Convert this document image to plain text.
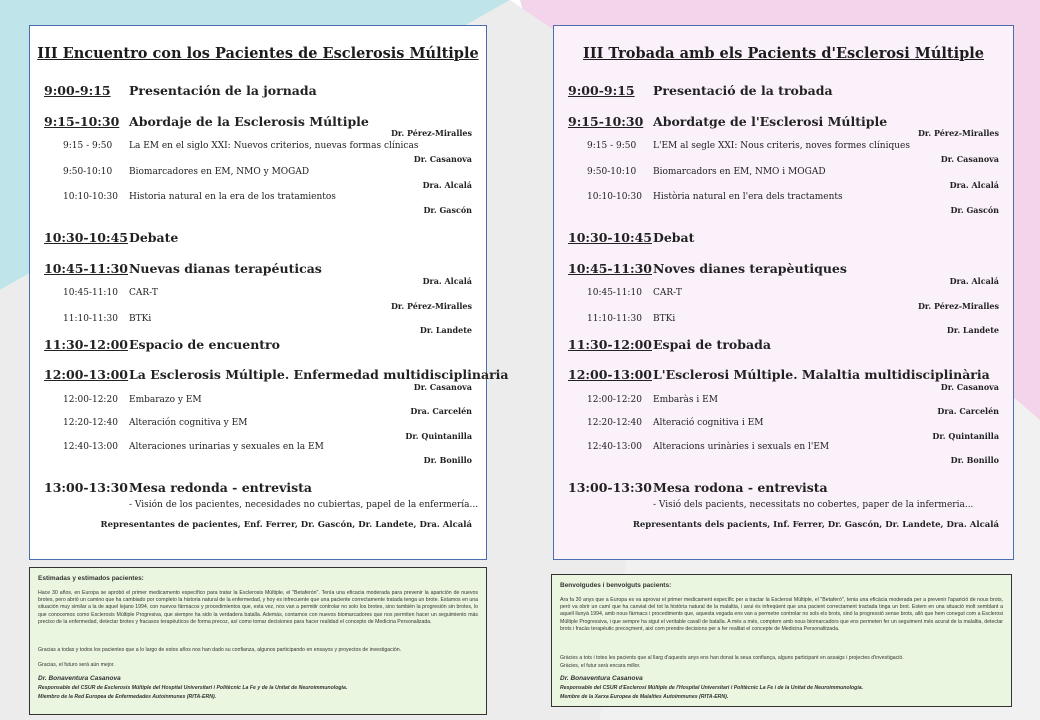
III Encuentro con los Pacientes de Esclerosis Múltiple
9:00-9:15 Presentación de la jornada
9:15-10:30 Abordaje de la Esclerosis Múltiple
Dr. Pérez-Miralles
9:15 - 9:50 La EM en el siglo XXI: Nuevos criterios, nuevas formas clínicas
Dr. Casanova
9:50-10:10 Biomarcadores en EM, NMO y MOGAD
Dra. Alcalá
10:10-10:30 Historia natural en la era de los tratamientos
Dr. Gascón
10:30-10:45 Debate
10:45-11:30 Nuevas dianas terapéuticas
Dra. Alcalá
10:45-11:10 CAR-T
Dr. Pérez-Miralles
11:10-11:30 BTKi
Dr. Landete
11:30-12:00 Espacio de encuentro
12:00-13:00 La Esclerosis Múltiple. Enfermedad multidisciplinaria
Dr. Casanova
12:00-12:20 Embarazo y EM
Dra. Carcelén
12:20-12:40 Alteración cognitiva y EM
Dr. Quintanilla
12:40-13:00 Alteraciones urinarias y sexuales en la EM
Dr. Bonillo
13:00-13:30 Mesa redonda - entrevista
- Visión de los pacientes, necesidades no cubiertas, papel de la enfermería...
Representantes de pacientes, Enf. Ferrer, Dr. Gascón, Dr. Landete, Dra. Alcalá
III Trobada amb els Pacients d'Esclerosi Múltiple
9:00-9:15 Presentació de la trobada
9:15-10:30 Abordatge de l'Esclerosi Múltiple
Dr. Pérez-Miralles
9:15 - 9:50 L'EM al segle XXI: Nous criteris, noves formes clíniques
Dr. Casanova
9:50-10:10 Biomarcadors en EM, NMO i MOGAD
Dra. Alcalá
10:10-10:30 Història natural en l'era dels tractaments
Dr. Gascón
10:30-10:45 Debat
10:45-11:30 Noves dianes terapèutiques
Dra. Alcalá
10:45-11:10 CAR-T
Dr. Pérez-Miralles
11:10-11:30 BTKi
Dr. Landete
11:30-12:00 Espai de trobada
12:00-13:00 L'Esclerosi Múltiple. Malaltia multidisciplinària
Dr. Casanova
12:00-12:20 Embaràs i EM
Dra. Carcelén
12:20-12:40 Alteració cognitiva i EM
Dr. Quintanilla
12:40-13:00 Alteracions urinàries i sexuals en l'EM
Dr. Bonillo
13:00-13:30 Mesa rodona - entrevista
- Visió dels pacients, necessitats no cobertes, paper de la infermeria...
Representants dels pacients, Inf. Ferrer, Dr. Gascón, Dr. Landete, Dra. Alcalá
Estimadas y estimados pacientes:
Hace 30 años, en Europa se aprobó el primer medicamento específico para tratar la Esclerosis Múltiple, el "Betaferón". Tenía una eficacia moderada para prevenir la aparición de nuevos brotes, pero abrió un camino que ha cambiado por completo la historia natural de la enfermedad, y hoy es infrecuente que una paciente correctamente tratada tenga un brote. Estamos en una situación muy similar a la de aquel lejano 1994, con nuevos fármacos y procedimientos que, esta vez, nos van a permitir controlar no solo los brotes, sino también la progresión sin brotes, lo que conocemos como Esclerosis Múltiple Progresiva, que siempre ha sido la verdadera batalla. Además, contamos con nuevos biomarcadores que nos permiten hacer un seguimiento más preciso de la enfermedad, detectar brotes y fracasos terapéuticos de forma precoz, así como tomar decisiones para hacer realidad el concepto de Medicina Personalizada.
Gracias a todas y todos los pacientes que a lo largo de estos años nos han dado su confianza, algunos participando en ensayos y proyectos de investigación.
Gracias, el futuro será aún mejor.
Dr. Bonaventura Casanova
Responsable del CSUR de Esclerosis Múltiple del Hospital Universitari i Politècnic La Fe y de la Unitat de Neuroimmunologia.
Miembro de la Red Europea de Enfermedades Autoinmunes (RITA-ERN).
Benvolgudes i benvolguts pacients:
Ara fa 30 anys que a Europa es va aprovar el primer medicament específic per a tractar la Esclerosi Múltiple, el "Betaferó", tenia una eficàcia moderada per a prevenir l'aparició de nous brots, però va obrir un camí que ha canviat del tot la història natural de la malaltia, i avui és infreqüent que una pacient correctament tractada tinga un brot. Estem en una situació molt semblant a aquell llunyà 1994, amb nous fàrmacs i procediments que, aquesta vegada ens van a permetre controlar no sols els brots, sinó la progressió sense brots, allò que hem conegut com a Esclerosi Múltiple Progressiva, i que sempre ha sigut el veritable cavall de batalla. A més a més, comptem amb nous biomarcadors que ens permeten fer un seguiment més acurat de la malaltia, detectar brots i fracàs terapèutic precoçment, així com prendre decisions per a fer realitat el concepte de Medicina Personalitzada.
Gràcies a tots i totes les pacients que al llarg d'aquests anys ens han donat la seua confiança, alguns participant en assaigs i projectes d'investigació.
Gràcies, el futur serà encara millor.
Dr. Bonaventura Casanova
Responsable del CSUR d'Esclerosi Múltiple de l'Hospital Universitari i Politècnic La Fe i de la Unitat de Neuroimmunologia.
Membre de la Xarxa Europea de Malalties Autoimmunes (RITA-ERN).
